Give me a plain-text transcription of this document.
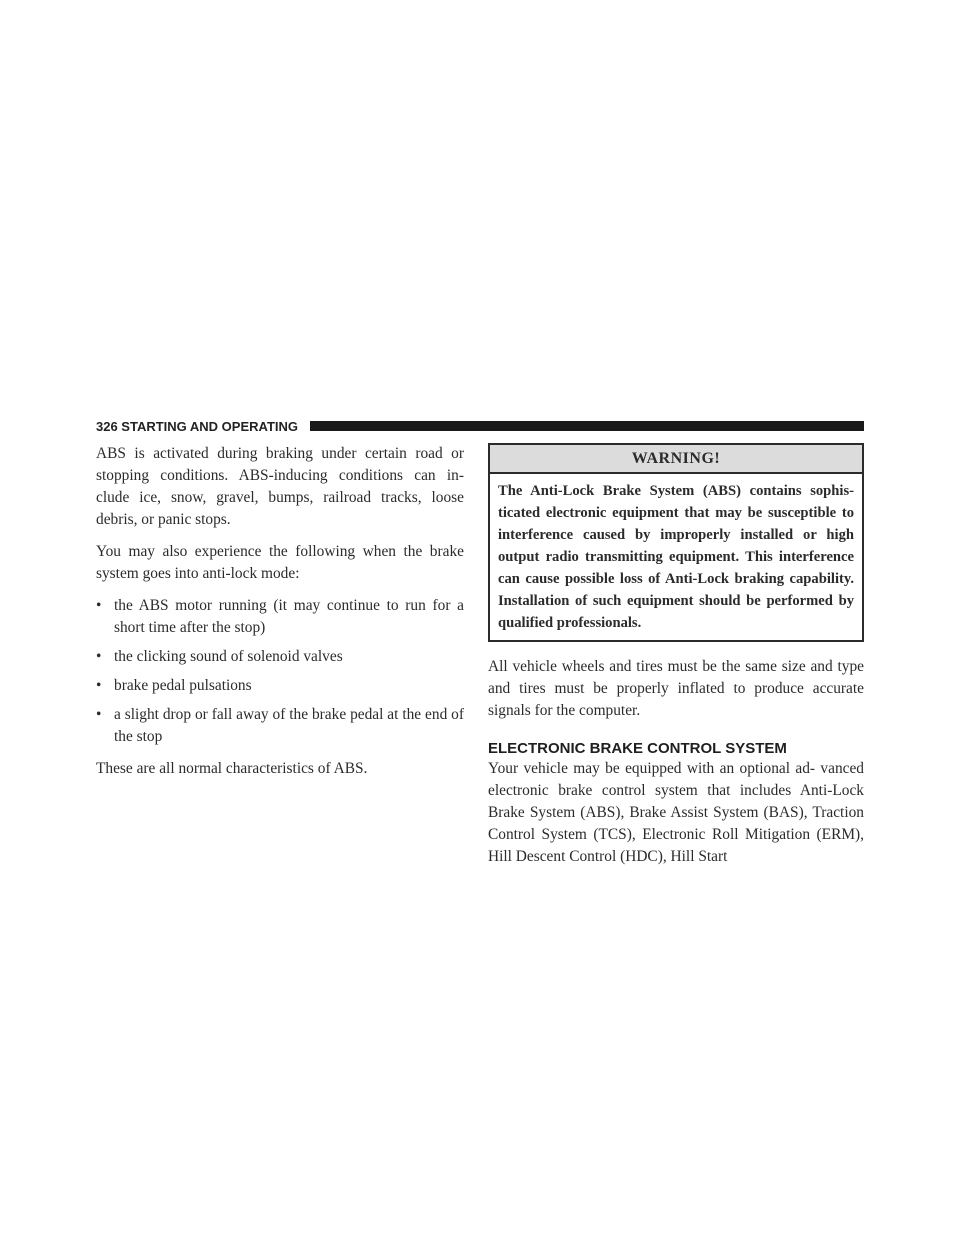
326 STARTING AND OPERATING

ABS is activated during braking under certain road or stopping conditions. ABS-inducing conditions can in- clude ice, snow, gravel, bumps, railroad tracks, loose debris, or panic stops.

You may also experience the following when the brake system goes into anti-lock mode:

• the ABS motor running (it may continue to run for a short time after the stop)
• the clicking sound of solenoid valves
• brake pedal pulsations
• a slight drop or fall away of the brake pedal at the end of the stop

These are all normal characteristics of ABS.

WARNING!
The Anti-Lock Brake System (ABS) contains sophis- ticated electronic equipment that may be susceptible to interference caused by improperly installed or high output radio transmitting equipment. This interference can cause possible loss of Anti-Lock braking capability. Installation of such equipment should be performed by qualified professionals.

All vehicle wheels and tires must be the same size and type and tires must be properly inflated to produce accurate signals for the computer.

ELECTRONIC BRAKE CONTROL SYSTEM

Your vehicle may be equipped with an optional ad- vanced electronic brake control system that includes Anti-Lock Brake System (ABS), Brake Assist System (BAS), Traction Control System (TCS), Electronic Roll Mitigation (ERM), Hill Descent Control (HDC), Hill Start
